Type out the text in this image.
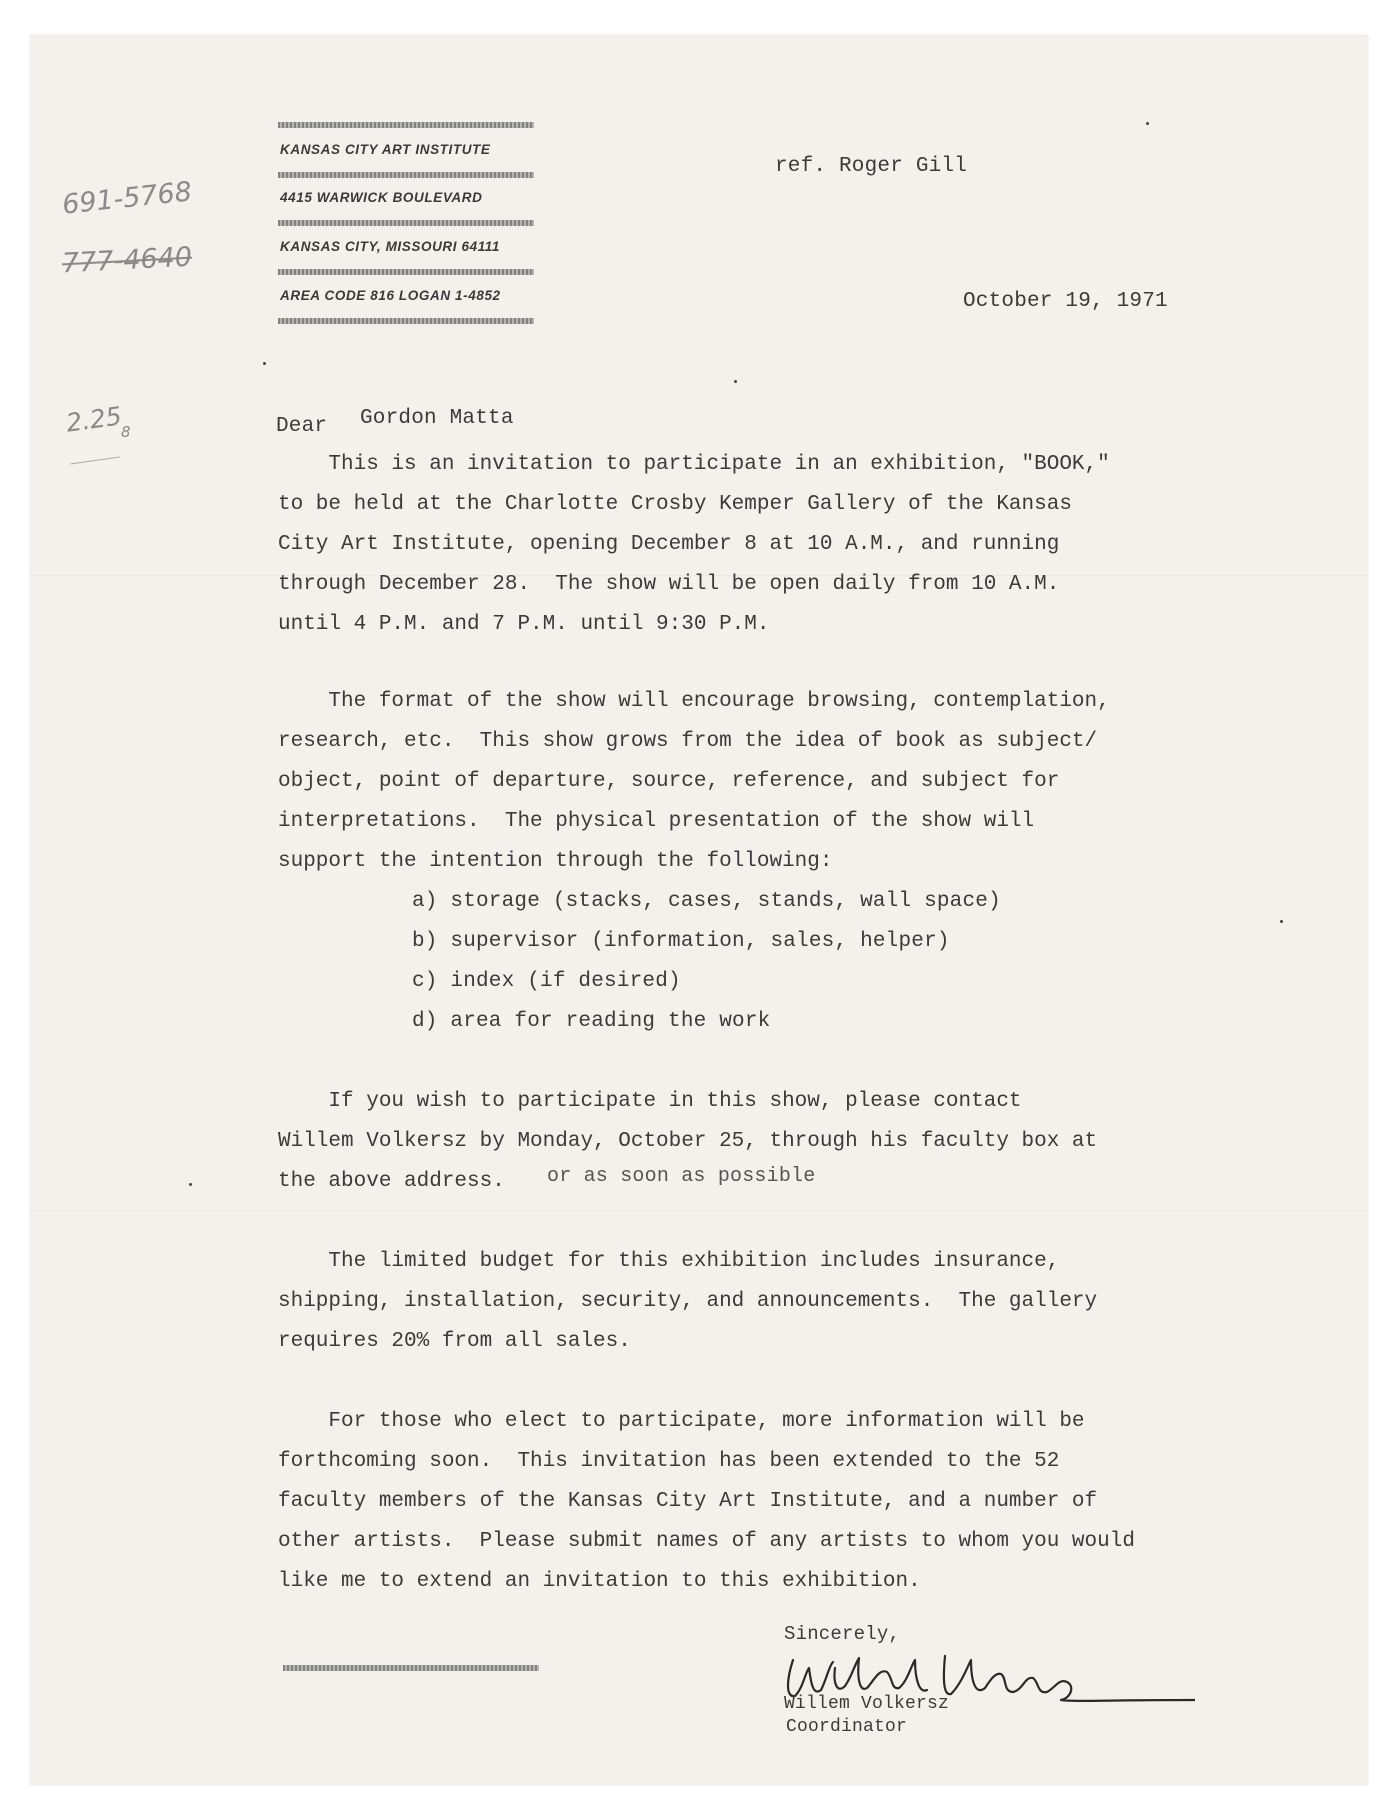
KANSAS CITY ART INSTITUTE
4415 WARWICK BOULEVARD
KANSAS CITY, MISSOURI 64111
AREA CODE 816 LOGAN 1-4852
691-5768
777-4640
2.25
8
ref. Roger Gill
October 19, 1971
Dear Gordon Matta
This is an invitation to participate in an exhibition, "BOOK,"
to be held at the Charlotte Crosby Kemper Gallery of the Kansas
City Art Institute, opening December 8 at 10 A.M., and running
through December 28.  The show will be open daily from 10 A.M.
until 4 P.M. and 7 P.M. until 9:30 P.M.
The format of the show will encourage browsing, contemplation,
research, etc.  This show grows from the idea of book as subject/
object, point of departure, source, reference, and subject for
interpretations.  The physical presentation of the show will
support the intention through the following:
a) storage (stacks, cases, stands, wall space)
b) supervisor (information, sales, helper)
c) index (if desired)
d) area for reading the work
If you wish to participate in this show, please contact
Willem Volkersz by Monday, October 25, through his faculty box at
the above address. or as soon as possible
The limited budget for this exhibition includes insurance,
shipping, installation, security, and announcements.  The gallery
requires 20% from all sales.
For those who elect to participate, more information will be
forthcoming soon.  This invitation has been extended to the 52
faculty members of the Kansas City Art Institute, and a number of
other artists.  Please submit names of any artists to whom you would
like me to extend an invitation to this exhibition.
Sincerely,
Willem Volkersz
Coordinator
